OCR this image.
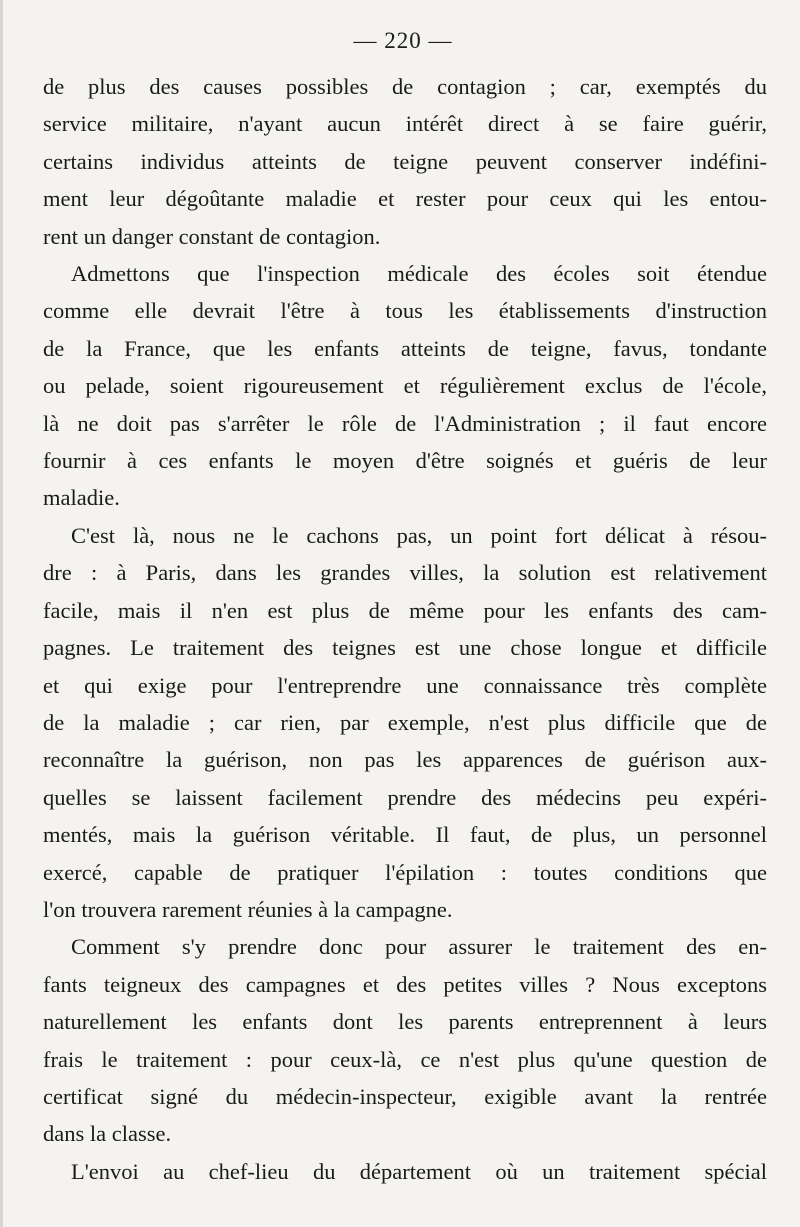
— 220 —
de plus des causes possibles de contagion ; car, exemptés du
service militaire, n'ayant aucun intérêt direct à se faire guérir,
certains individus atteints de teigne peuvent conserver indéfini-
ment leur dégoûtante maladie et rester pour ceux qui les entou-
rent un danger constant de contagion.
Admettons que l'inspection médicale des écoles soit étendue
comme elle devrait l'être à tous les établissements d'instruction
de la France, que les enfants atteints de teigne, favus, tondante
ou pelade, soient rigoureusement et régulièrement exclus de l'école,
là ne doit pas s'arrêter le rôle de l'Administration ; il faut encore
fournir à ces enfants le moyen d'être soignés et guéris de leur
maladie.
C'est là, nous ne le cachons pas, un point fort délicat à résou-
dre : à Paris, dans les grandes villes, la solution est relativement
facile, mais il n'en est plus de même pour les enfants des cam-
pagnes. Le traitement des teignes est une chose longue et difficile
et qui exige pour l'entreprendre une connaissance très complète
de la maladie ; car rien, par exemple, n'est plus difficile que de
reconnaître la guérison, non pas les apparences de guérison aux-
quelles se laissent facilement prendre des médecins peu expéri-
mentés, mais la guérison véritable. Il faut, de plus, un personnel
exercé, capable de pratiquer l'épilation : toutes conditions que
l'on trouvera rarement réunies à la campagne.
Comment s'y prendre donc pour assurer le traitement des en-
fants teigneux des campagnes et des petites villes ? Nous exceptons
naturellement les enfants dont les parents entreprennent à leurs
frais le traitement : pour ceux-là, ce n'est plus qu'une question de
certificat signé du médecin-inspecteur, exigible avant la rentrée
dans la classe.
L'envoi au chef-lieu du département où un traitement spécial
